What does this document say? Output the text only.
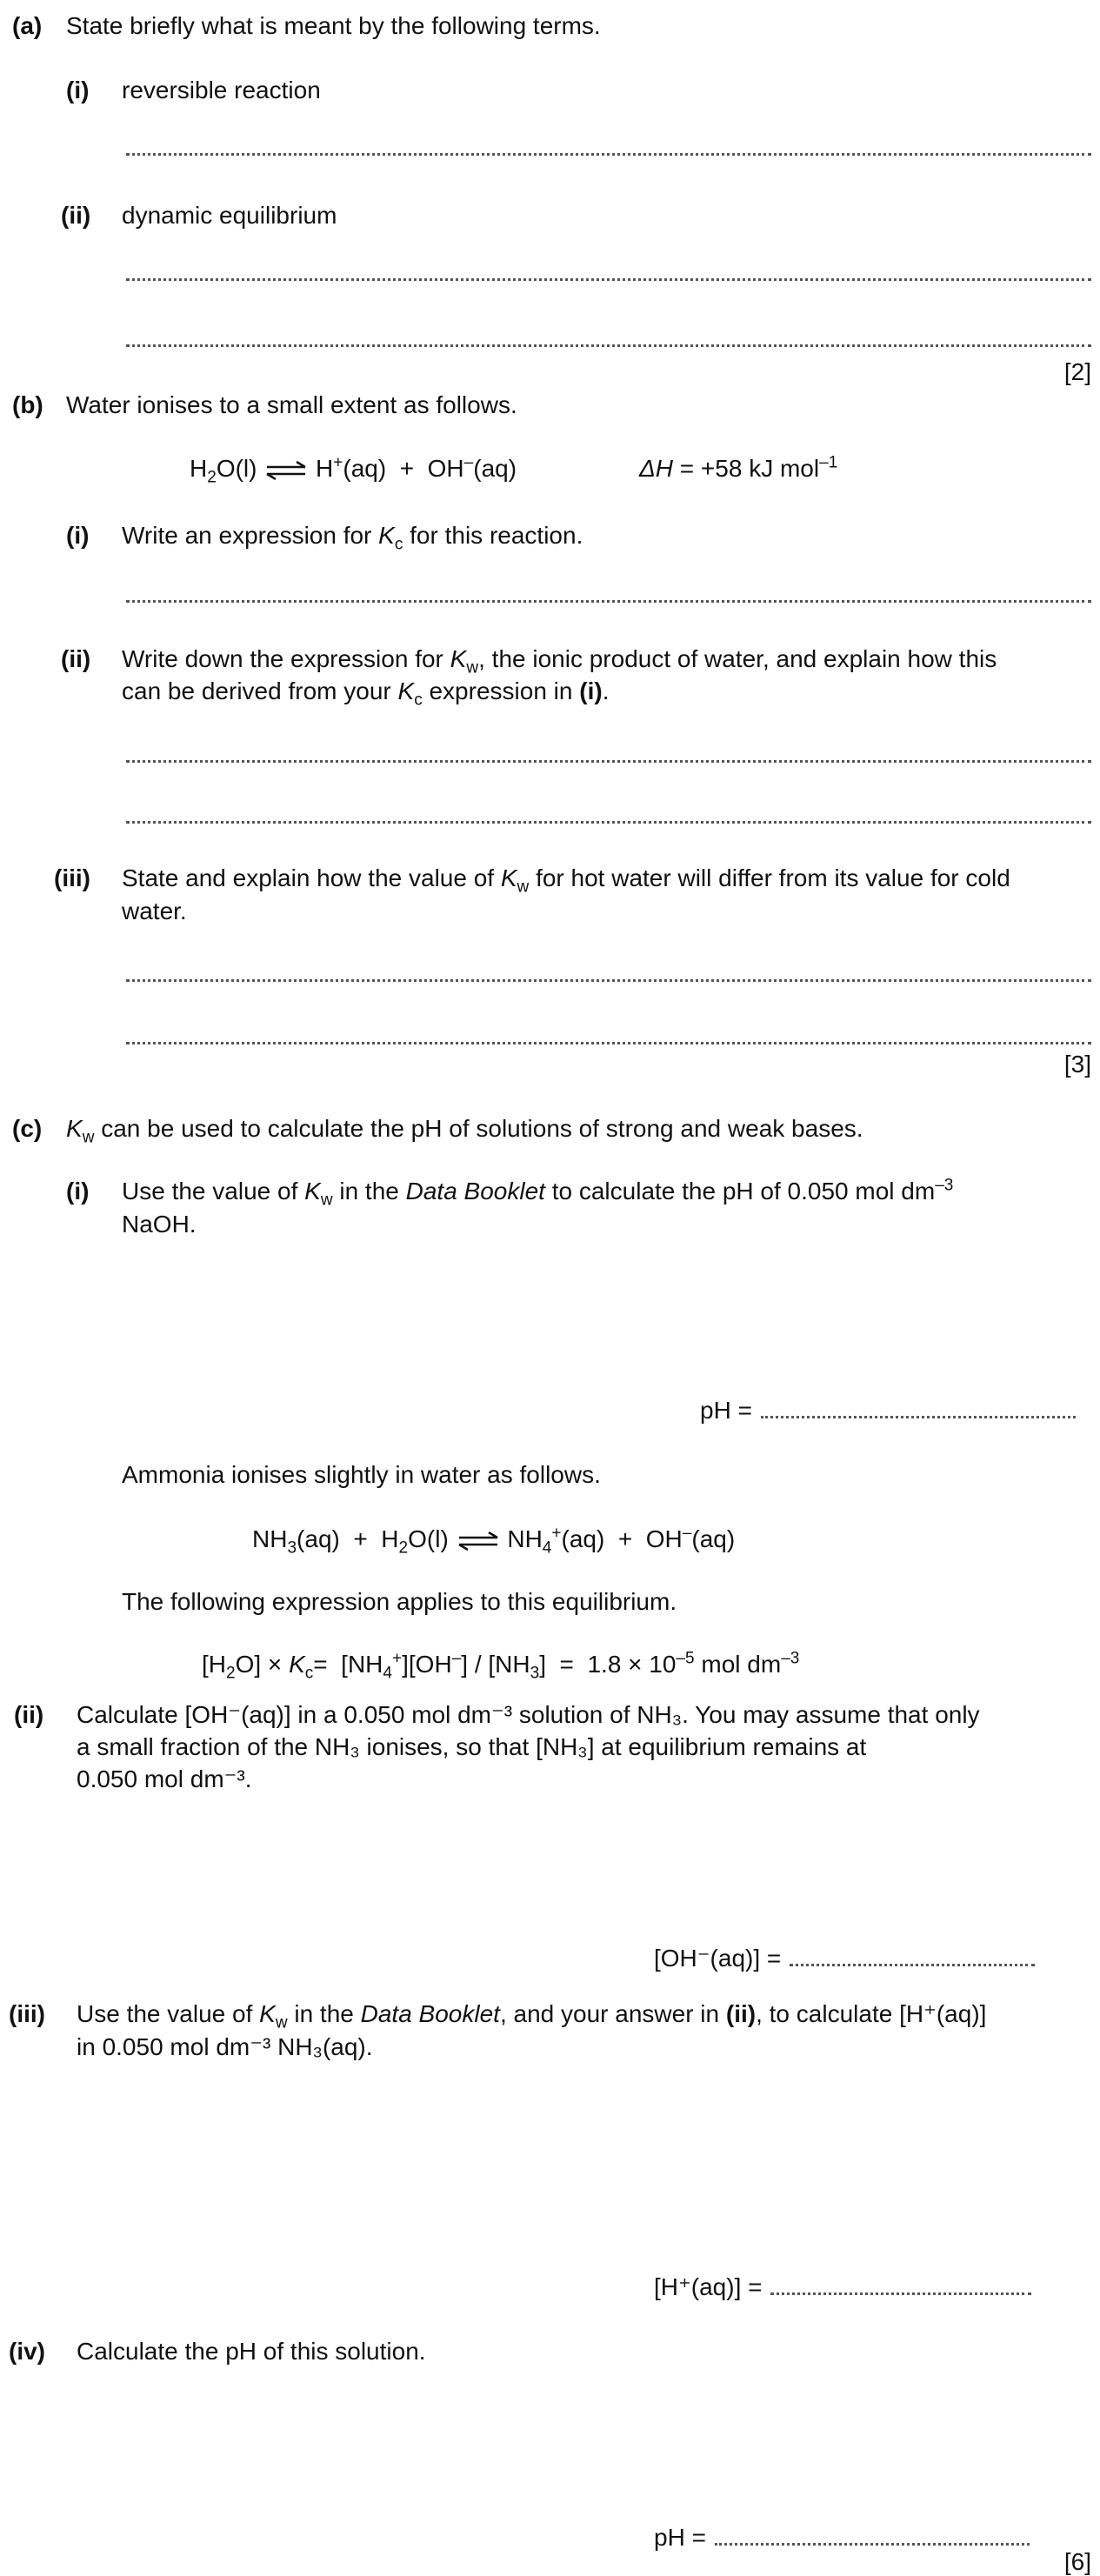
(a) State briefly what is meant by the following terms.
(i) reversible reaction
(ii) dynamic equilibrium
[2]
(b) Water ionises to a small extent as follows.
$H_2O(l)$ ⇌ H+(aq)  +  OH–(aq)	ΔH = +58 kJ mol$^{-1}$
(i) Write an expression for $K_c$ for this reaction.
(ii) Write down the expression for $K_w$, the ionic product of water, and explain how this
can be derived from your $K_c$ expression in (i).
(iii) State and explain how the value of $K_w$ for hot water will differ from its value for cold
water.
[3]
(c) $K_w$ can be used to calculate the pH of solutions of strong and weak bases.
(i) Use the value of $K_w$ in the Data Booklet to calculate the pH of 0.050 mol $dm^{-3}$
NaOH.
pH =
Ammonia ionises slightly in water as follows.
$NH_3(aq) + H_2O(l)$ ⇌ $NH_4^+(aq) + OH^-(aq)$
The following expression applies to this equilibrium.
$[H_2O] \times K_c= [NH_4^+][OH^-] / [NH_3] = 1.8 \times 10^{-5}$ mol $dm^{-3}$
(ii) Calculate [OH⁻(aq)] in a 0.050 mol dm⁻³ solution of NH₃. You may assume that only
a small fraction of the NH₃ ionises, so that [NH₃] at equilibrium remains at
0.050 mol dm⁻³.
[OH⁻(aq)] =
(iii) Use the value of $K_w$ in the Data Booklet, and your answer in (ii), to calculate [H⁺(aq)]
in 0.050 mol dm⁻³ NH₃(aq).
[H⁺(aq)] =
(iv) Calculate the pH of this solution.
pH =
[6]
